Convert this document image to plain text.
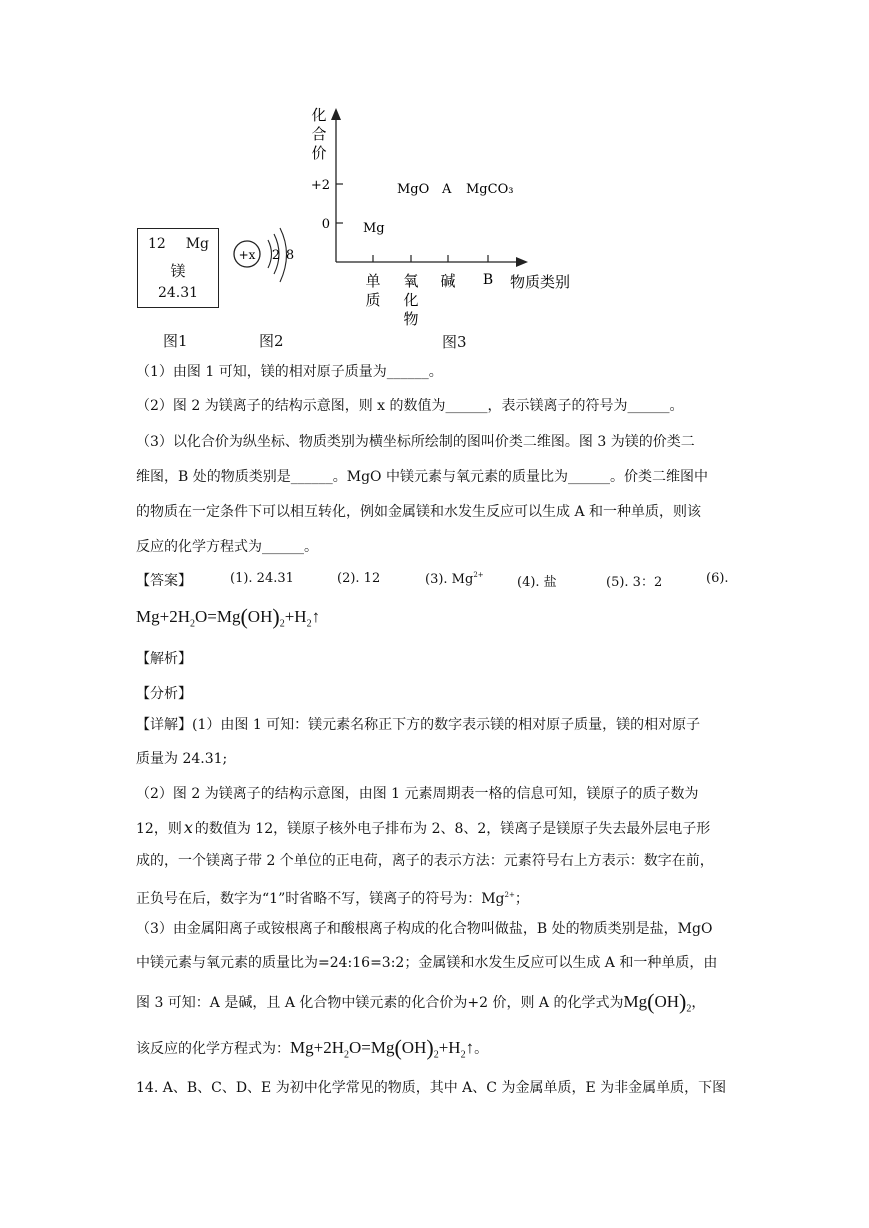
12 Mg
镁
24.31
图1
+x 2 8
图2
化
合
价
+2
0
MgO A MgCO₃
Mg
单
质
氧
化
物
碱 B 物质类别
图3
（1）由图 1 可知，镁的相对原子质量为______。
（2）图 2 为镁离子的结构示意图，则 x 的数值为______，表示镁离子的符号为______。
（3）以化合价为纵坐标、物质类别为横坐标所绘制的图叫价类二维图。图 3 为镁的价类二
维图，B 处的物质类别是______。MgO 中镁元素与氧元素的质量比为______。价类二维图中
的物质在一定条件下可以相互转化，例如金属镁和水发生反应可以生成 A 和一种单质，则该
反应的化学方程式为______。
【答案】	(1). 24.31	(2). 12	(3). $Mg^{2+}$	(4). 盐	(5). 3：2	(6).
$Mg+2H_2O=Mg(OH)_2+H_2↑$
【解析】
【分析】
【详解】(1）由图 1 可知：镁元素名称正下方的数字表示镁的相对原子质量，镁的相对原子
质量为 24.31;
（2）图 2 为镁离子的结构示意图，由图 1 元素周期表一格的信息可知，镁原子的质子数为
12，则 x 的数值为 12，镁原子核外电子排布为 2、8、2，镁离子是镁原子失去最外层电子形
成的，一个镁离子带 2 个单位的正电荷，离子的表示方法：元素符号右上方表示：数字在前，
正负号在后，数字为“1”时省略不写，镁离子的符号为：$Mg^{2+}$；
（3）由金属阳离子或铵根离子和酸根离子构成的化合物叫做盐，B 处的物质类别是盐，MgO
中镁元素与氧元素的质量比为=24:16=3:2；金属镁和水发生反应可以生成 A 和一种单质，由
图 3 可知：A 是碱，且 A 化合物中镁元素的化合价为+2 价，则 A 的化学式为$Mg(OH)_2$，
该反应的化学方程式为：$Mg+2H_2O=Mg(OH)_2+H_2↑$。
14. A、B、C、D、E 为初中化学常见的物质，其中 A、C 为金属单质，E 为非金属单质，下图
